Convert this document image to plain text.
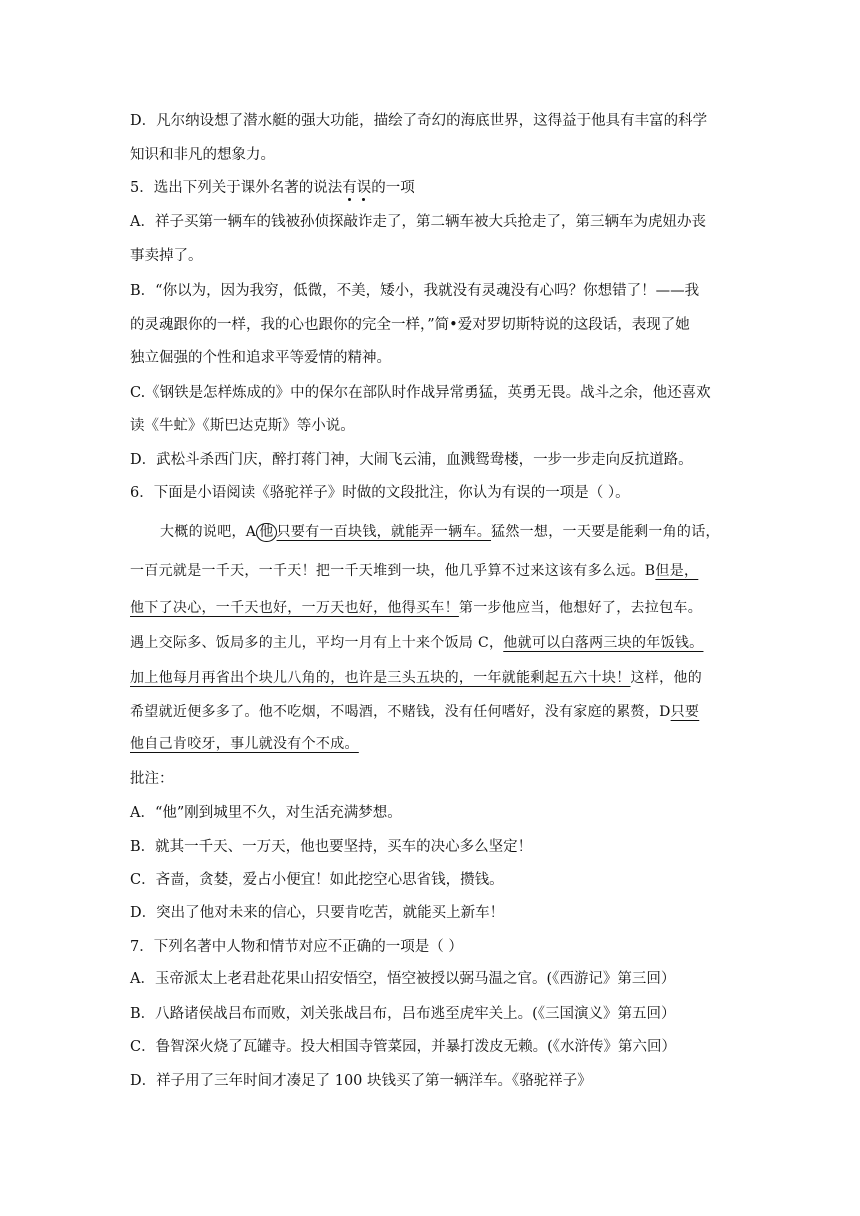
D．凡尔纳设想了潜水艇的强大功能，描绘了奇幻的海底世界，这得益于他具有丰富的科学
知识和非凡的想象力。
5．选出下列关于课外名著的说法有误的一项
A．祥子买第一辆车的钱被孙侦探敲诈走了，第二辆车被大兵抢走了，第三辆车为虎妞办丧
事卖掉了。
B．“你以为，因为我穷，低微，不美，矮小，我就没有灵魂没有心吗？你想错了！——我
的灵魂跟你的一样，我的心也跟你的完全一样，”简•爱对罗切斯特说的这段话，表现了她
独立倔强的个性和追求平等爱情的精神。
C.《钢铁是怎样炼成的》中的保尔在部队时作战异常勇猛，英勇无畏。战斗之余，他还喜欢
读《牛虻》《斯巴达克斯》等小说。
D．武松斗杀西门庆，醉打蒋门神，大闹飞云浦，血溅鸳鸯楼，一步一步走向反抗道路。
6．下面是小语阅读《骆驼祥子》时做的文段批注，你认为有误的一项是（ ）。
大概的说吧，A 他 只要有一百块钱，就能弄一辆车。猛然一想，一天要是能剩一角的话，
一百元就是一千天，一千天！把一千天堆到一块，他几乎算不过来这该有多么远。B但是，
他下了决心，一千天也好，一万天也好，他得买车！第一步他应当，他想好了，去拉包车。
遇上交际多、饭局多的主儿，平均一月有上十来个饭局 C，他就可以白落两三块的年饭钱。
加上他每月再省出个块儿八角的，也许是三头五块的，一年就能剩起五六十块！这样，他的
希望就近便多多了。他不吃烟，不喝酒，不赌钱，没有任何嗜好，没有家庭的累赘，D只要
他自己肯咬牙，事儿就没有个不成。
批注：
A．“他”刚到城里不久，对生活充满梦想。
B．就其一千天、一万天，他也要坚持，买车的决心多么坚定！
C．吝啬，贪婪，爱占小便宜！如此挖空心思省钱，攒钱。
D．突出了他对未来的信心，只要肯吃苦，就能买上新车！
7．下列名著中人物和情节对应不正确的一项是（ ）
A．玉帝派太上老君赴花果山招安悟空，悟空被授以弼马温之官。(《西游记》第三回）
B．八路诸侯战吕布而败，刘关张战吕布，吕布逃至虎牢关上。(《三国演义》第五回）
C．鲁智深火烧了瓦罐寺。投大相国寺管菜园，并暴打泼皮无赖。(《水浒传》第六回）
D．祥子用了三年时间才凑足了 100 块钱买了第一辆洋车。《骆驼祥子》
